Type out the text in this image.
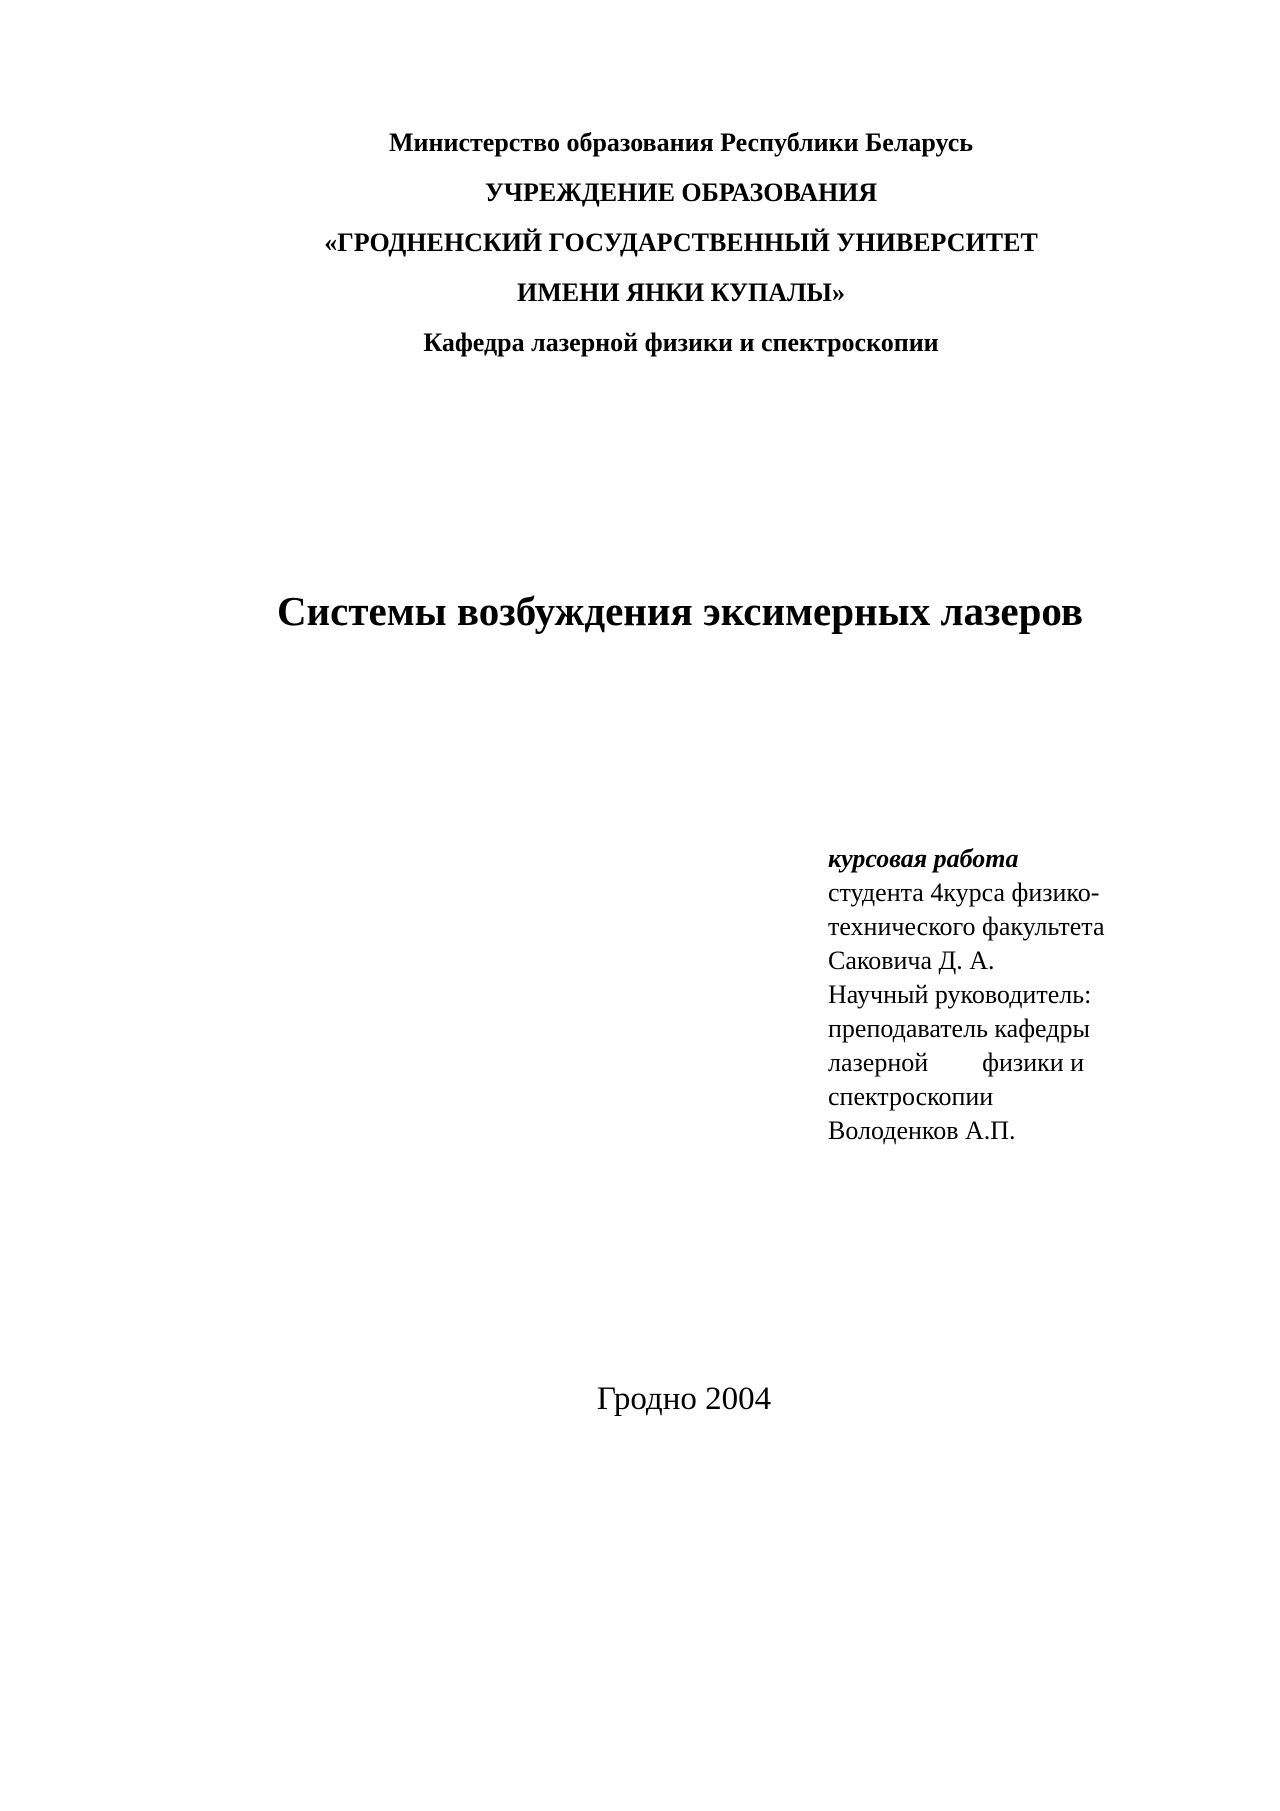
Министерство образования Республики Беларусь

УЧРЕЖДЕНИЕ ОБРАЗОВАНИЯ

«ГРОДНЕНСКИЙ ГОСУДАРСТВЕННЫЙ УНИВЕРСИТЕТ

ИМЕНИ ЯНКИ КУПАЛЫ»

Кафедра лазерной физики и спектроскопии

Системы возбуждения эксимерных лазеров

курсовая работа

студента 4курса физико-

технического факультета

Саковича Д. А.

Научный руководитель:

преподаватель кафедры

лазерной физики и

спектроскопии

Володенков А.П.

Гродно 2004
